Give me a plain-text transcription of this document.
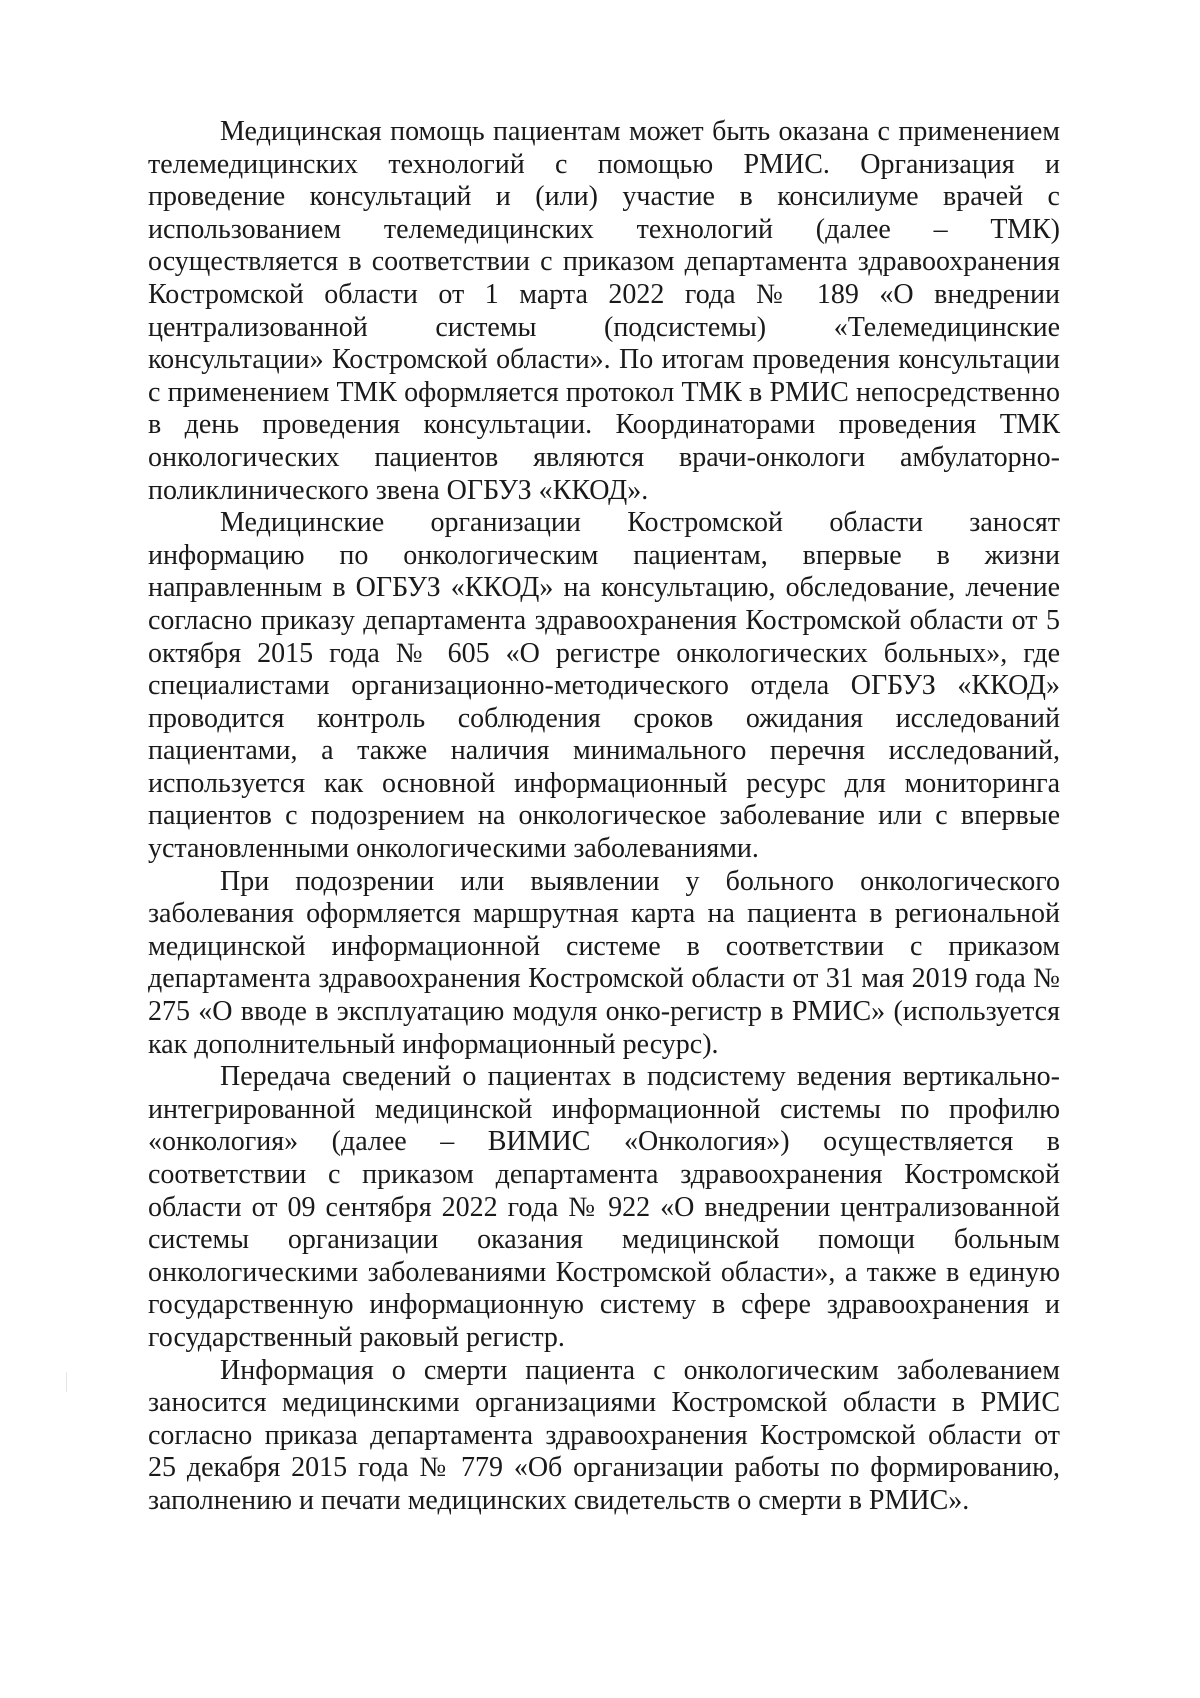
Медицинская помощь пациентам может быть оказана с применением телемедицинских технологий с помощью РМИС. Организация и проведение консультаций и (или) участие в консилиуме врачей с использованием телемедицинских технологий (далее – ТМК) осуществляется в соответствии с приказом департамента здравоохранения Костромской области от 1 марта 2022 года № 189 «О внедрении централизованной системы (подсистемы) «Телемедицинские консультации» Костромской области». По итогам проведения консультации с применением ТМК оформляется протокол ТМК в РМИС непосредственно в день проведения консультации. Координаторами проведения ТМК онкологических пациентов являются врачи-онкологи амбулаторно-поликлинического звена ОГБУЗ «ККОД».

Медицинские организации Костромской области заносят информацию по онкологическим пациентам, впервые в жизни направленным в ОГБУЗ «ККОД» на консультацию, обследование, лечение согласно приказу департамента здравоохранения Костромской области от 5 октября 2015 года № 605 «О регистре онкологических больных», где специалистами организационно-методического отдела ОГБУЗ «ККОД» проводится контроль соблюдения сроков ожидания исследований пациентами, а также наличия минимального перечня исследований, используется как основной информационный ресурс для мониторинга пациентов с подозрением на онкологическое заболевание или с впервые установленными онкологическими заболеваниями.

При подозрении или выявлении у больного онкологического заболевания оформляется маршрутная карта на пациента в региональной медицинской информационной системе в соответствии с приказом департамента здравоохранения Костромской области от 31 мая 2019 года № 275 «О вводе в эксплуатацию модуля онко-регистр в РМИС» (используется как дополнительный информационный ресурс).

Передача сведений о пациентах в подсистему ведения вертикально-интегрированной медицинской информационной системы по профилю «онкология» (далее – ВИМИС «Онкология») осуществляется в соответствии с приказом департамента здравоохранения Костромской области от 09 сентября 2022 года № 922 «О внедрении централизованной системы организации оказания медицинской помощи больным онкологическими заболеваниями Костромской области», а также в единую государственную информационную систему в сфере здравоохранения и государственный раковый регистр.

Информация о смерти пациента с онкологическим заболеванием заносится медицинскими организациями Костромской области в РМИС согласно приказа департамента здравоохранения Костромской области от 25 декабря 2015 года № 779 «Об организации работы по формированию, заполнению и печати медицинских свидетельств о смерти в РМИС».
